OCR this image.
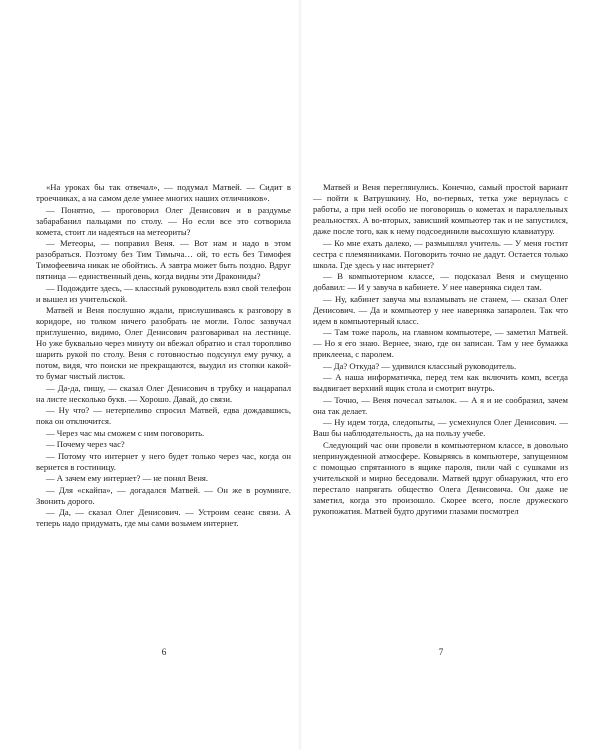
«На уроках бы так отвечал», — подумал Матвей. — Сидит в троечниках, а на самом деле умнее многих наших отличников».

— Понятно, — проговорил Олег Денисович и в раздумье забарабанил пальцами по столу. — Но если все это сотворила комета, стоит ли надеяться на метеориты?

— Метеоры, — поправил Веня. — Вот нам и надо в этом разобраться. Поэтому без Тим Тимыча… ой, то есть без Тимофея Тимофеевича никак не обойтись. А завтра может быть поздно. Вдруг пятница — единственный день, когда видны эти Дракониды?

— Подождите здесь, — классный руководитель взял свой телефон и вышел из учительской.

Матвей и Веня послушно ждали, прислушиваясь к разговору в коридоре, но толком ничего разобрать не могли. Голос зазвучал приглушенно, видимо, Олег Денисович разговаривал на лестнице. Но уже буквально через минуту он вбежал обратно и стал торопливо шарить рукой по столу. Веня с готовностью подсунул ему ручку, а потом, видя, что поиски не прекращаются, выудил из стопки какой-то бумаг чистый листок.

— Да-да, пишу, — сказал Олег Денисович в трубку и нацарапал на листе несколько букв. — Хорошо. Давай, до связи.

— Ну что? — нетерпеливо спросил Матвей, едва дождавшись, пока он отключится.

— Через час мы сможем с ним поговорить.

— Почему через час?

— Потому что интернет у него будет только через час, когда он вернется в гостиницу.

— А зачем ему интернет? — не понял Веня.

— Для «скайпа», — догадался Матвей. — Он же в роуминге. Звонить дорого.

— Да, — сказал Олег Денисович. — Устроим сеанс связи. А теперь надо придумать, где мы сами возьмем интернет.

6

Матвей и Веня переглянулись. Конечно, самый простой вариант — пойти к Ватрушкину. Но, во-первых, тетка уже вернулась с работы, а при ней особо не поговоришь о кометах и параллельных реальностях. А во-вторых, зависший компьютер так и не запустился, даже после того, как к нему подсоединили высохшую клавиатуру.

— Ко мне ехать далеко, — размышлял учитель. — У меня гостит сестра с племянниками. Поговорить точно не дадут. Остается только школа. Где здесь у нас интернет?

— В компьютерном классе, — подсказал Веня и смущенно добавил: — И у завуча в кабинете. У нее наверняка сидел там.

— Ну, кабинет завуча мы взламывать не станем, — сказал Олег Денисович. — Да и компьютер у нее наверняка запаролен. Так что идем в компьютерный класс.

— Там тоже пароль, на главном компьютере, — заметил Матвей. — Но я его знаю. Вернее, знаю, где он записан. Там у нее бумажка приклеена, с паролем.

— Да? Откуда? — удивился классный руководитель.

— А наша информатичка, перед тем как включить комп, всегда выдвигает верхний ящик стола и смотрит внутрь.

— Точно, — Веня почесал затылок. — А я и не сообразил, зачем она так делает.

— Ну идем тогда, следопыты, — усмехнулся Олег Денисович. — Ваш бы наблюдательность, да на пользу учебе.

Следующий час они провели в компьютерном классе, в довольно непринужденной атмосфере. Ковыряясь в компьютере, запущенном с помощью спрятанного в ящике пароля, пили чай с сушками из учительской и мирно беседовали. Матвей вдруг обнаружил, что его перестало напрягать общество Олега Денисовича. Он даже не заметил, когда это произошло. Скорее всего, после дружеского рукопожатия. Матвей будто другими глазами посмотрел

7
